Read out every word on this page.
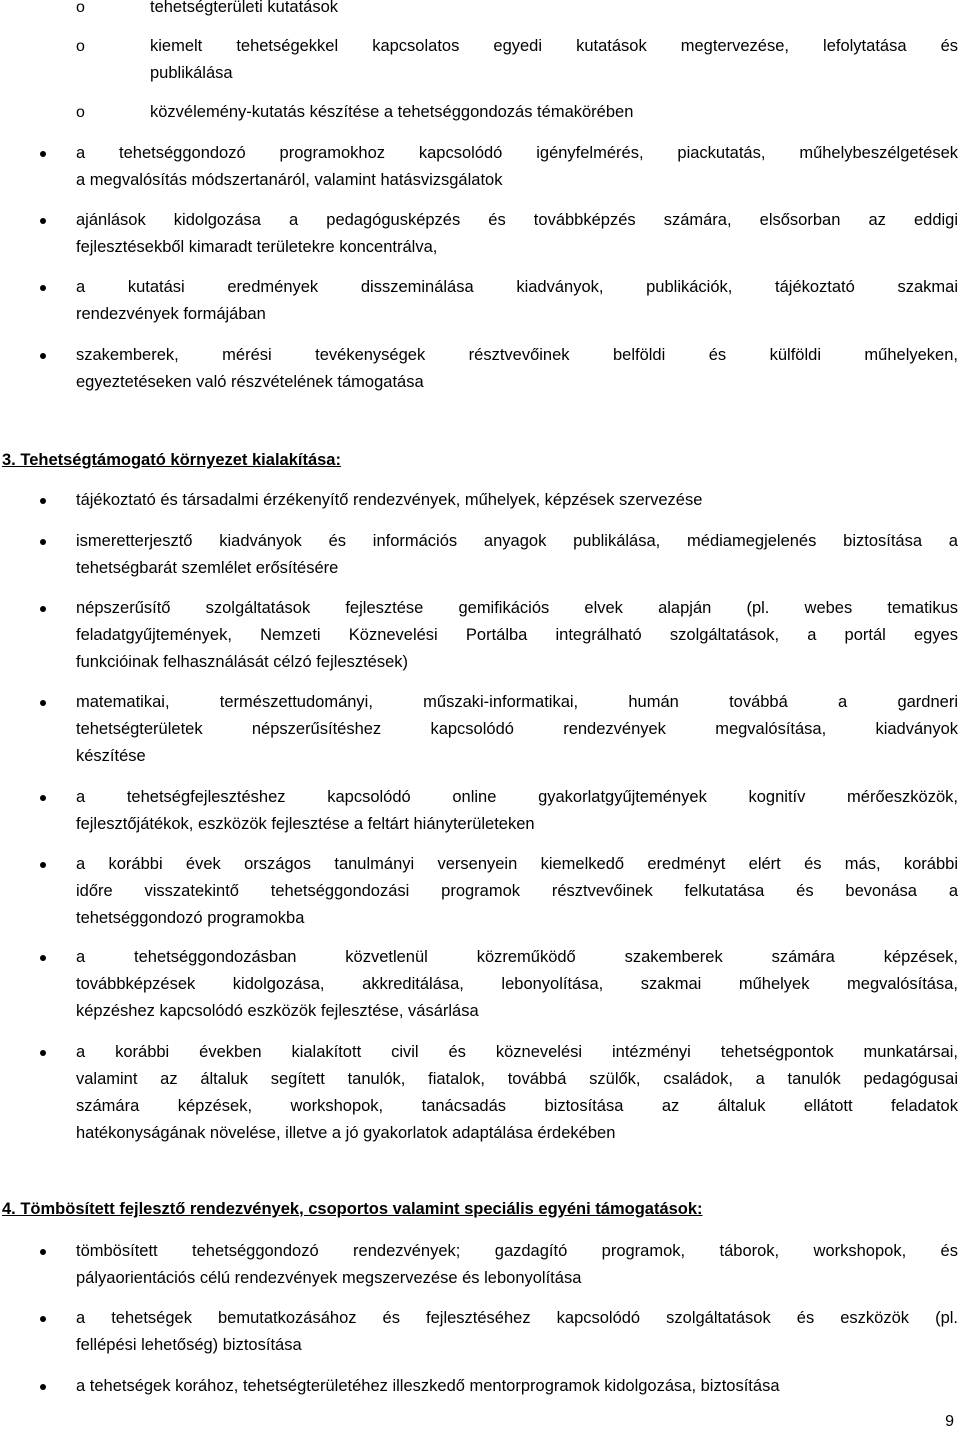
o	tehetségterületi kutatások

o	kiemelt tehetségekkel kapcsolatos egyedi kutatások megtervezése, lefolytatása és

publikálása

o	közvélemény-kutatás készítése a tehetséggondozás témakörében

a tehetséggondozó programokhoz kapcsolódó igényfelmérés, piackutatás, műhelybeszélgetések

a megvalósítás módszertanáról, valamint hatásvizsgálatok

ajánlások kidolgozása a pedagógusképzés és továbbképzés számára, elsősorban az eddigi

fejlesztésekből kimaradt területekre koncentrálva,

a kutatási eredmények disszeminálása kiadványok, publikációk, tájékoztató szakmai

rendezvények formájában

szakemberek, mérési tevékenységek résztvevőinek belföldi és külföldi műhelyeken,

egyeztetéseken való részvételének támogatása

3. Tehetségtámogató környezet kialakítása:

tájékoztató és társadalmi érzékenyítő rendezvények, műhelyek, képzések szervezése

ismeretterjesztő kiadványok és információs anyagok publikálása, médiamegjelenés biztosítása a

tehetségbarát szemlélet erősítésére

népszerűsítő szolgáltatások fejlesztése gemifikációs elvek alapján (pl. webes tematikus

feladatgyűjtemények, Nemzeti Köznevelési Portálba integrálható szolgáltatások, a portál egyes

funkcióinak felhasználását célzó fejlesztések)

matematikai, természettudományi, műszaki-informatikai, humán továbbá a gardneri

tehetségterületek népszerűsítéshez kapcsolódó rendezvények megvalósítása, kiadványok

készítése

a tehetségfejlesztéshez kapcsolódó online gyakorlatgyűjtemények kognitív mérőeszközök,

fejlesztőjátékok, eszközök fejlesztése a feltárt hiányterületeken

a korábbi évek országos tanulmányi versenyein kiemelkedő eredményt elért és más, korábbi

időre visszatekintő tehetséggondozási programok résztvevőinek felkutatása és bevonása a

tehetséggondozó programokba

a tehetséggondozásban közvetlenül közreműködő szakemberek számára képzések,

továbbképzések kidolgozása, akkreditálása, lebonyolítása, szakmai műhelyek megvalósítása,

képzéshez kapcsolódó eszközök fejlesztése, vásárlása

a korábbi években kialakított civil és köznevelési intézményi tehetségpontok munkatársai,

valamint az általuk segített tanulók, fiatalok, továbbá szülők, családok, a tanulók pedagógusai

számára képzések, workshopok, tanácsadás biztosítása az általuk ellátott feladatok

hatékonyságának növelése, illetve a jó gyakorlatok adaptálása érdekében

4. Tömbösített fejlesztő rendezvények, csoportos valamint speciális egyéni támogatások:

tömbösített tehetséggondozó rendezvények; gazdagító programok, táborok, workshopok, és

pályaorientációs célú rendezvények megszervezése és lebonyolítása

a tehetségek bemutatkozásához és fejlesztéséhez kapcsolódó szolgáltatások és eszközök (pl.

fellépési lehetőség) biztosítása

a tehetségek korához, tehetségterületéhez illeszkedő mentorprogramok kidolgozása, biztosítása

9
